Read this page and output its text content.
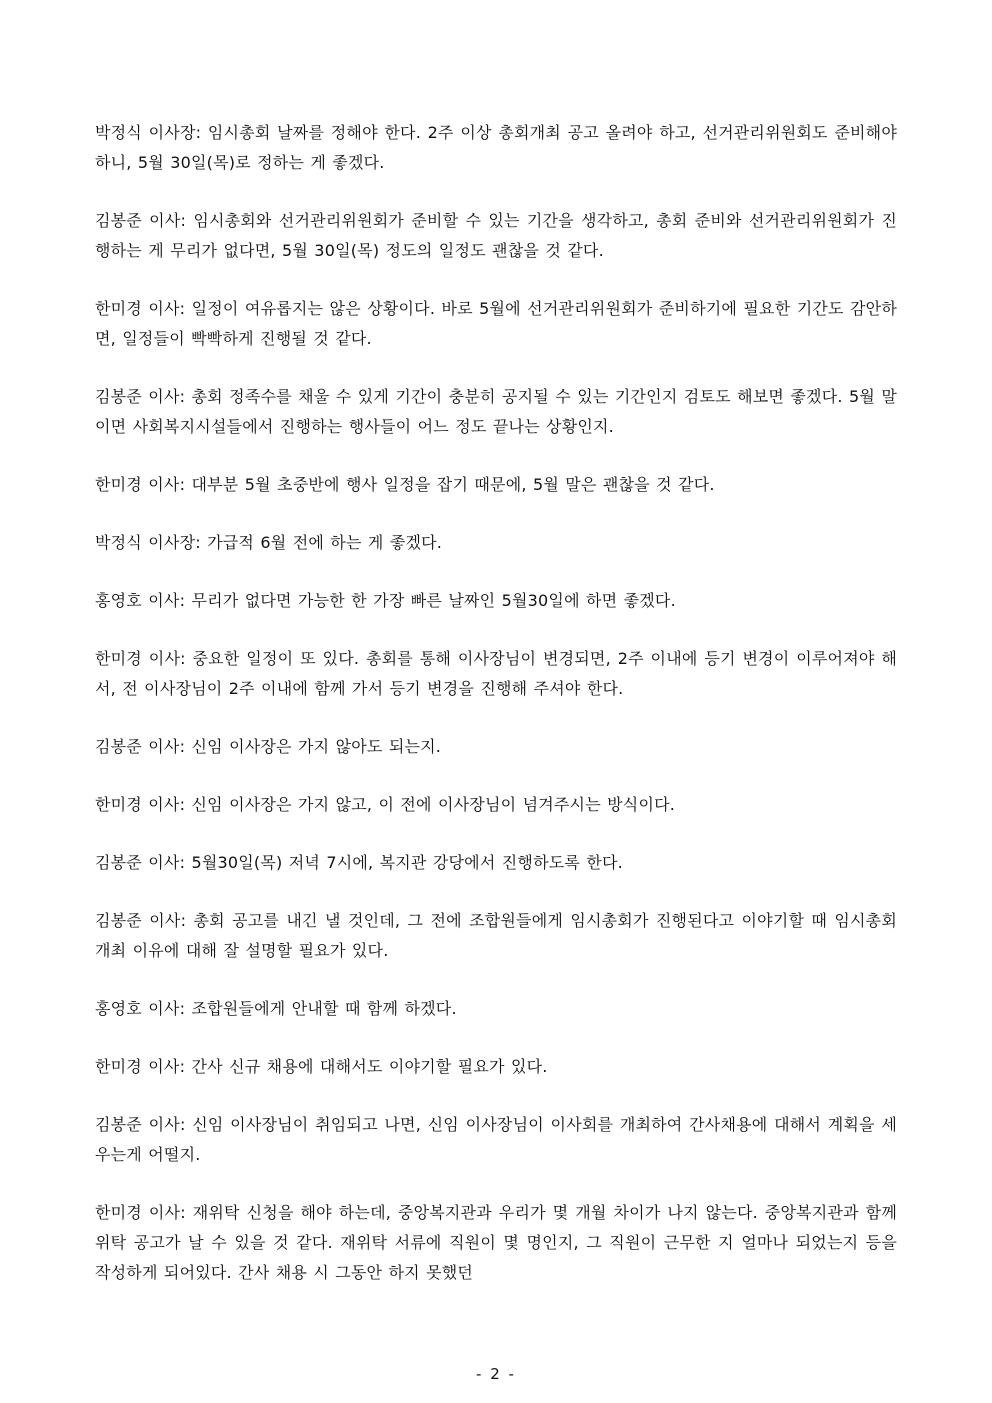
박정식 이사장: 임시총회 날짜를 정해야 한다. 2주 이상 총회개최 공고 올려야 하고, 선거관리위원회도 준비해야 하니, 5월 30일(목)로 정하는 게 좋겠다.

김봉준 이사: 임시총회와 선거관리위원회가 준비할 수 있는 기간을 생각하고, 총회 준비와 선거관리위원회가 진행하는 게 무리가 없다면, 5월 30일(목) 정도의 일정도 괜찮을 것 같다.

한미경 이사: 일정이 여유롭지는 않은 상황이다. 바로 5월에 선거관리위원회가 준비하기에 필요한 기간도 감안하면, 일정들이 빡빡하게 진행될 것 같다.

김봉준 이사: 총회 정족수를 채울 수 있게 기간이 충분히 공지될 수 있는 기간인지 검토도 해보면 좋겠다. 5월 말이면 사회복지시설들에서 진행하는 행사들이 어느 정도 끝나는 상황인지.

한미경 이사: 대부분 5월 초중반에 행사 일정을 잡기 때문에, 5월 말은 괜찮을 것 같다.

박정식 이사장: 가급적 6월 전에 하는 게 좋겠다.

홍영호 이사: 무리가 없다면 가능한 한 가장 빠른 날짜인 5월30일에 하면 좋겠다.

한미경 이사: 중요한 일정이 또 있다. 총회를 통해 이사장님이 변경되면, 2주 이내에 등기 변경이 이루어져야 해서, 전 이사장님이 2주 이내에 함께 가서 등기 변경을 진행해 주셔야 한다.

김봉준 이사: 신임 이사장은 가지 않아도 되는지.

한미경 이사: 신임 이사장은 가지 않고, 이 전에 이사장님이 넘겨주시는 방식이다.

김봉준 이사: 5월30일(목) 저녁 7시에, 복지관 강당에서 진행하도록 한다.

김봉준 이사: 총회 공고를 내긴 낼 것인데, 그 전에 조합원들에게 임시총회가 진행된다고 이야기할 때 임시총회 개최 이유에 대해 잘 설명할 필요가 있다.

홍영호 이사: 조합원들에게 안내할 때 함께 하겠다.

한미경 이사: 간사 신규 채용에 대해서도 이야기할 필요가 있다.

김봉준 이사: 신임 이사장님이 취임되고 나면, 신임 이사장님이 이사회를 개최하여 간사채용에 대해서 계획을 세우는게 어떨지.

한미경 이사: 재위탁 신청을 해야 하는데, 중앙복지관과 우리가 몇 개월 차이가 나지 않는다. 중앙복지관과 함께 위탁 공고가 날 수 있을 것 같다. 재위탁 서류에 직원이 몇 명인지, 그 직원이 근무한 지 얼마나 되었는지 등을 작성하게 되어있다. 간사 채용 시 그동안 하지 못했던

- 2 -
